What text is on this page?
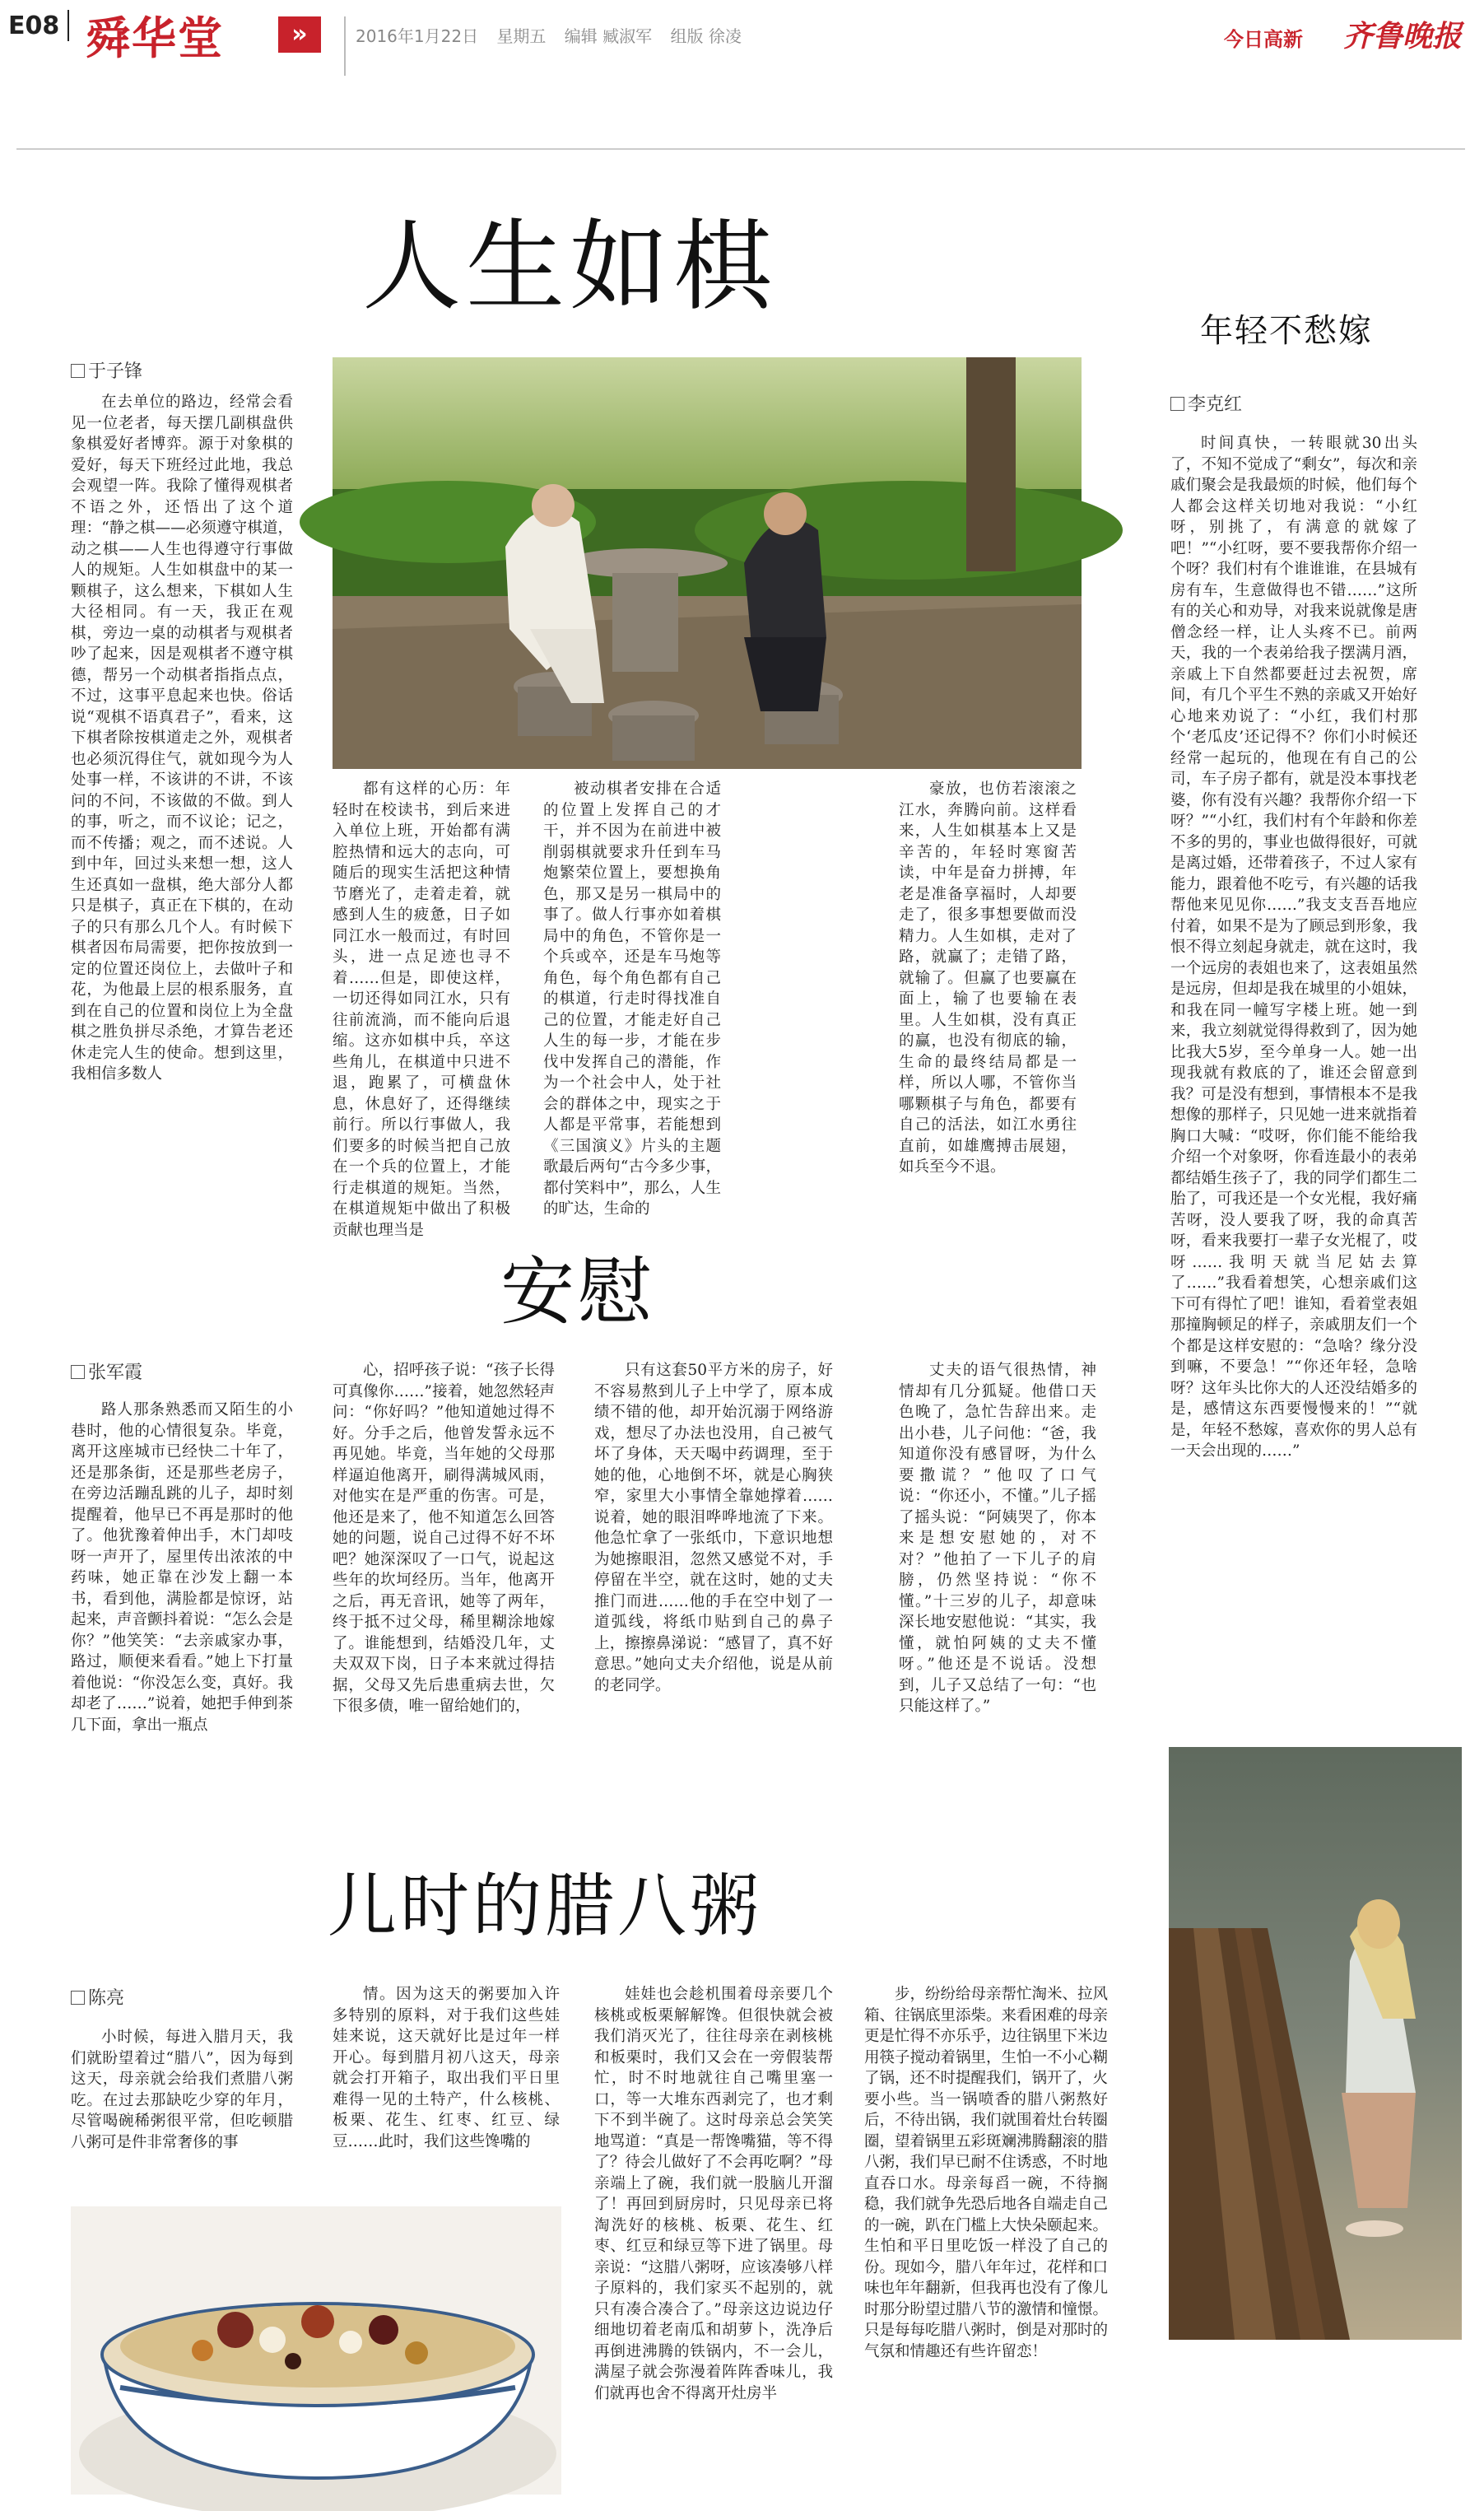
E08 舜华堂	»	2016年1月22日 星期五 编辑 臧淑军 组版 徐凌	今日高新 齐鲁晚报
人生如棋
于子锋

在去单位的路边，经常会看见一位老者，每天摆几副棋盘供象棋爱好者博弈。源于对象棋的爱好，每天下班经过此地，我总会观望一阵。我除了懂得观棋者不语之外，还悟出了这个道理：“静之棋——必须遵守棋道，动之棋——人生也得遵守行事做人的规矩。人生如棋盘中的某一颗棋子，这么想来，下棋如人生大径相同。有一天，我正在观棋，旁边一桌的动棋者与观棋者吵了起来，因是观棋者不遵守棋德，帮另一个动棋者指指点点，不过，这事平息起来也快。俗话说“观棋不语真君子”，看来，这下棋者除按棋道走之外，观棋者也必须沉得住气，就如现今为人处事一样，不该讲的不讲，不该问的不问，不该做的不做。到人的事，听之，而不议论；记之，而不传播；观之，而不述说。人到中年，回过头来想一想，这人生还真如一盘棋，绝大部分人都只是棋子，真正在下棋的，在动子的只有那么几个人。有时候下棋者因布局需要，把你按放到一定的位置还岗位上，去做叶子和花，为他最上层的根系服务，直到在自己的位置和岗位上为全盘棋之胜负拼尽杀绝，才算告老还休走完人生的使命。想到这里，我相信多数人

都有这样的心历：年轻时在校读书，到后来进入单位上班，开始都有满腔热情和远大的志向，可随后的现实生活把这种情节磨光了，走着走着，就感到人生的疲惫，日子如同江水一般而过，有时回头，进一点足迹也寻不着……但是，即使这样，一切还得如同江水，只有往前流淌，而不能向后退缩。这亦如棋中兵，卒这些角儿，在棋道中只进不退，跑累了，可横盘休息，休息好了，还得继续前行。所以行事做人，我们要多的时候当把自己放在一个兵的位置上，才能行走棋道的规矩。当然，在棋道规矩中做出了积极贡献也理当是

被动棋者安排在合适的位置上发挥自己的才干，并不因为在前进中被削弱棋就要求升任到车马炮繁荣位置上，要想换角色，那又是另一棋局中的事了。做人行事亦如着棋局中的角色，不管你是一个兵或卒，还是车马炮等角色，每个角色都有自己的棋道，行走时得找准自己的位置，才能走好自己人生的每一步，才能在步伐中发挥自己的潜能，作为一个社会中人，处于社会的群体之中，现实之于人都是平常事，若能想到《三国演义》片头的主题歌最后两句“古今多少事，都付笑料中”，那么，人生的旷达，生命的

豪放，也仿若滚滚之江水，奔腾向前。这样看来，人生如棋基本上又是辛苦的，年轻时寒窗苦读，中年是奋力拼搏，年老是准备享福时，人却要走了，很多事想要做而没精力。人生如棋，走对了路，就赢了；走错了路，就输了。但赢了也要赢在面上，输了也要输在表里。人生如棋，没有真正的赢，也没有彻底的输，生命的最终结局都是一样，所以人哪，不管你当哪颗棋子与角色，都要有自己的活法，如江水勇往直前，如雄鹰搏击展翅，如兵至今不退。

年轻不愁嫁
李克红

时间真快，一转眼就30出头了，不知不觉成了“剩女”，每次和亲戚们聚会是我最烦的时候，他们每个人都会这样关切地对我说：“小红呀，别挑了，有满意的就嫁了吧！”“小红呀，要不要我帮你介绍一个呀？我们村有个谁谁谁，在县城有房有车，生意做得也不错……”这所有的关心和劝导，对我来说就像是唐僧念经一样，让人头疼不已。前两天，我的一个表弟给我子摆满月酒，亲戚上下自然都要赶过去祝贺，席间，有几个平生不熟的亲戚又开始好心地来劝说了：“小红，我们村那个‘老瓜皮’还记得不？你们小时候还经常一起玩的，他现在有自己的公司，车子房子都有，就是没本事找老婆，你有没有兴趣？我帮你介绍一下呀？”“小红，我们村有个年龄和你差不多的男的，事业也做得很好，可就是离过婚，还带着孩子，不过人家有能力，跟着他不吃亏，有兴趣的话我帮他来见见你……”我支支吾吾地应付着，如果不是为了顾忌到形象，我恨不得立刻起身就走，就在这时，我一个远房的表姐也来了，这表姐虽然是远房，但却是我在城里的小姐妹，和我在同一幢写字楼上班。她一到来，我立刻就觉得得救到了，因为她比我大5岁，至今单身一人。她一出现我就有救底的了，谁还会留意到我？可是没有想到，事情根本不是我想像的那样子，只见她一进来就指着胸口大喊：“哎呀，你们能不能给我介绍一个对象呀，你看连最小的表弟都结婚生孩子了，我的同学们都生二胎了，可我还是一个女光棍，我好痛苦呀，没人要我了呀，我的命真苦呀，看来我要打一辈子女光棍了，哎呀……我明天就当尼姑去算了……”我看着想笑，心想亲戚们这下可有得忙了吧！谁知，看着堂表姐那撞胸顿足的样子，亲戚朋友们一个个都是这样安慰的：“急啥？缘分没到嘛，不要急！”“你还年轻，急啥呀？这年头比你大的人还没结婚多的是，感情这东西要慢慢来的！”“就是，年轻不愁嫁，喜欢你的男人总有一天会出现的……”

安慰
张军霞

路人那条熟悉而又陌生的小巷时，他的心情很复杂。毕竟，离开这座城市已经快二十年了，还是那条街，还是那些老房子，在旁边活蹦乱跳的儿子，却时刻提醒着，他早已不再是那时的他了。他犹豫着伸出手，木门却吱呀一声开了，屋里传出浓浓的中药味，她正靠在沙发上翻一本书，看到他，满脸都是惊讶，站起来，声音颤抖着说：“怎么会是你？”他笑笑：“去亲戚家办事，路过，顺便来看看。”她上下打量着他说：“你没怎么变，真好。我却老了……”说着，她把手伸到茶几下面，拿出一瓶点

心，招呼孩子说：“孩子长得可真像你……”接着，她忽然轻声问：“你好吗？”他知道她过得不好。分手之后，他曾发誓永远不再见她。毕竟，当年她的父母那样逼迫他离开，刷得满城风雨，对他实在是严重的伤害。可是，他还是来了，他不知道怎么回答她的问题，说自己过得不好不坏吧？她深深叹了一口气，说起这些年的坎坷经历。当年，他离开之后，再无音讯，她等了两年，终于抵不过父母，稀里糊涂地嫁了。谁能想到，结婚没几年，丈夫双双下岗，日子本来就过得拮据，父母又先后患重病去世，欠下很多债，唯一留给她们的，

只有这套50平方米的房子，好不容易熬到儿子上中学了，原本成绩不错的他，却开始沉溺于网络游戏，想尽了办法也没用，自己被气坏了身体，天天喝中药调理，至于她的他，心地倒不坏，就是心胸狭窄，家里大小事情全靠她撑着……说着，她的眼泪哗哗地流了下来。他急忙拿了一张纸巾，下意识地想为她擦眼泪，忽然又感觉不对，手停留在半空，就在这时，她的丈夫推门而进……他的手在空中划了一道弧线，将纸巾贴到自己的鼻子上，擦擦鼻涕说：“感冒了，真不好意思。”她向丈夫介绍他，说是从前的老同学。

丈夫的语气很热情，神情却有几分狐疑。他借口天色晚了，急忙告辞出来。走出小巷，儿子问他：“爸，我知道你没有感冒呀，为什么要撒谎？”他叹了口气说：“你还小，不懂。”儿子摇了摇头说：“阿姨哭了，你本来是想安慰她的，对不对？”他拍了一下儿子的肩膀，仍然坚持说：“你不懂。”十三岁的儿子，却意味深长地安慰他说：“其实，我懂，就怕阿姨的丈夫不懂呀。”他还是不说话。没想到，儿子又总结了一句：“也只能这样了。”

儿时的腊八粥
陈亮

小时候，每进入腊月天，我们就盼望着过“腊八”，因为每到这天，母亲就会给我们煮腊八粥吃。在过去那缺吃少穿的年月，尽管喝碗稀粥很平常，但吃顿腊八粥可是件非常奢侈的事

情。因为这天的粥要加入许多特别的原料，对于我们这些娃娃来说，这天就好比是过年一样开心。每到腊月初八这天，母亲就会打开箱子，取出我们平日里难得一见的土特产，什么核桃、板栗、花生、红枣、红豆、绿豆……此时，我们这些馋嘴的

娃娃也会趁机围着母亲要几个核桃或板栗解解馋。但很快就会被我们消灭光了，往往母亲在剥核桃和板栗时，我们又会在一旁假装帮忙，时不时地就往自己嘴里塞一口，等一大堆东西剥完了，也才剩下不到半碗了。这时母亲总会笑笑地骂道：“真是一帮馋嘴猫，等不得了？待会儿做好了不会再吃啊？”母亲端上了碗，我们就一股脑儿开溜了！再回到厨房时，只见母亲已将淘洗好的核桃、板栗、花生、红枣、红豆和绿豆等下进了锅里。母亲说：“这腊八粥呀，应该凑够八样子原料的，我们家买不起别的，就只有凑合凑合了。”母亲这边说边仔细地切着老南瓜和胡萝卜，洗净后再倒进沸腾的铁锅内，不一会儿，满屋子就会弥漫着阵阵香味儿，我们就再也舍不得离开灶房半

步，纷纷给母亲帮忙淘米、拉风箱、往锅底里添柴。来看困难的母亲更是忙得不亦乐乎，边往锅里下米边用筷子搅动着锅里，生怕一不小心糊了锅，还不时提醒我们，锅开了，火要小些。当一锅喷香的腊八粥熬好后，不待出锅，我们就围着灶台转圈圈，望着锅里五彩斑斓沸腾翻滚的腊八粥，我们早已耐不住诱惑，不时地直吞口水。母亲每舀一碗，不待搁稳，我们就争先恐后地各自端走自己的一碗，趴在门槛上大快朵颐起来。生怕和平日里吃饭一样没了自己的份。现如今，腊八年年过，花样和口味也年年翻新，但我再也没有了像儿时那分盼望过腊八节的激情和憧憬。只是每每吃腊八粥时，倒是对那时的气氛和情趣还有些许留恋！
